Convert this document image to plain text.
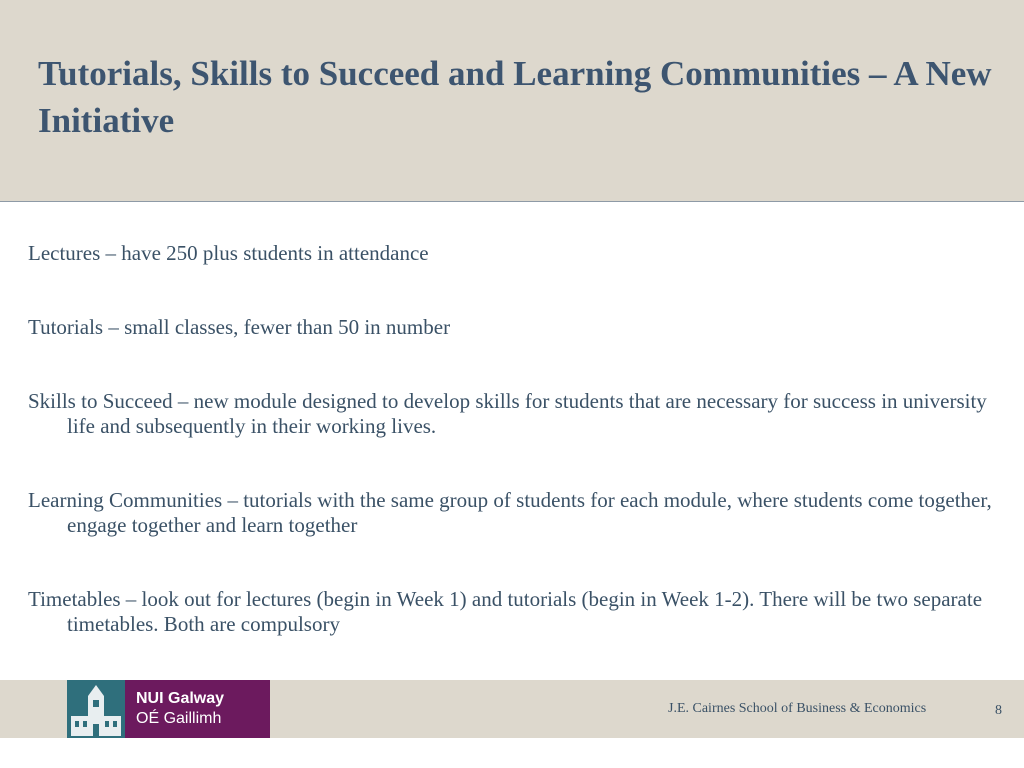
Tutorials, Skills to Succeed and Learning Communities – A New Initiative

Lectures – have 250 plus students in attendance

Tutorials – small classes, fewer than 50 in number

Skills to Succeed – new module designed to develop skills for students that are necessary for success in university life and subsequently in their working lives.

Learning Communities – tutorials with the same group of students for each module, where students come together, engage together and learn together

Timetables – look out for lectures (begin in Week 1) and tutorials (begin in Week 1-2). There will be two separate timetables. Both are compulsory

NUI Galway
OÉ Gaillimh
J.E. Cairnes School of Business & Economics	8
